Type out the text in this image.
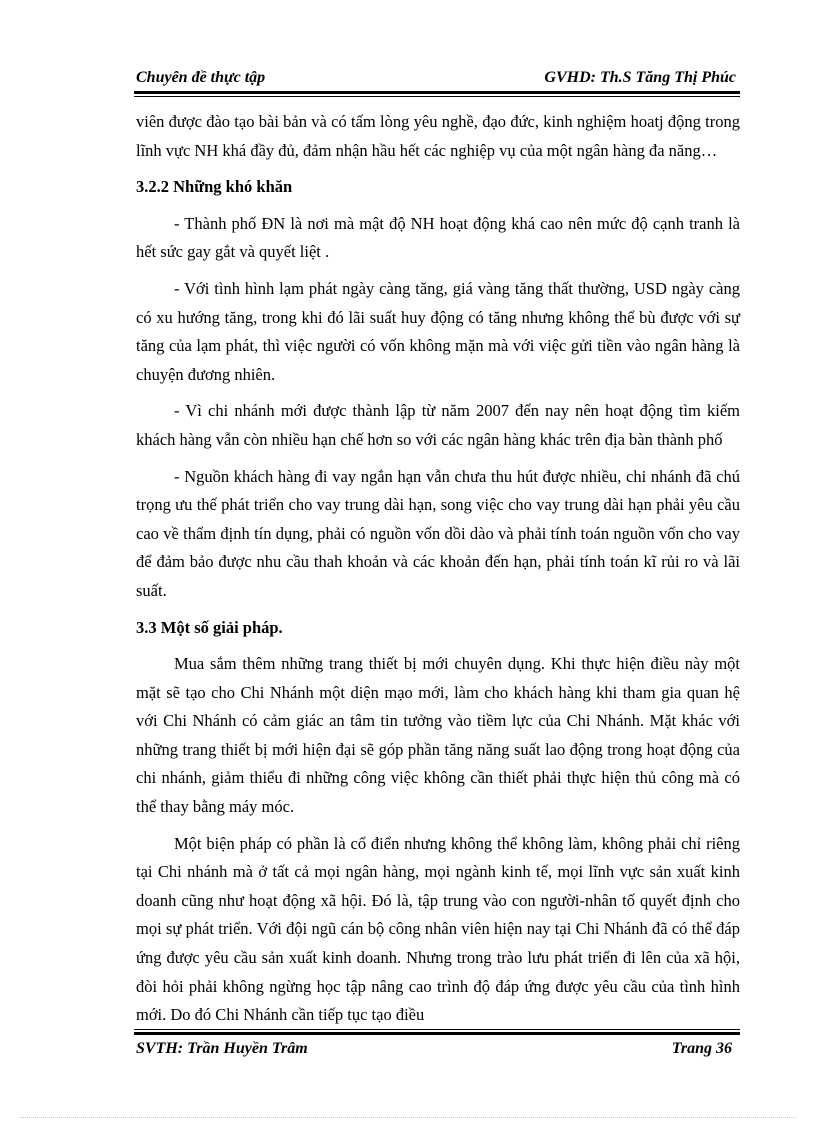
Chuyên đề thực tập	GVHD: Th.S Tăng Thị Phúc

viên được đào tạo bài bản và có tấm lòng yêu nghề, đạo đức, kinh nghiệm hoatj động trong lĩnh vực NH khá đầy đủ, đảm nhận hầu hết các nghiệp vụ của một ngân hàng đa năng…

3.2.2 Những khó khăn

- Thành phố ĐN là nơi mà mật độ NH hoạt động khá cao nên mức độ cạnh tranh là hết sức gay gắt và quyết liệt .

- Với tình hình lạm phát ngày càng tăng, giá vàng tăng thất thường, USD ngày càng có xu hướng tăng, trong khi đó lãi suất huy động có tăng nhưng không thể bù được với sự tăng của lạm phát, thì việc người có vốn không mặn mà với việc gửi tiền vào ngân hàng là chuyện đương nhiên.

- Vì chi nhánh mới được thành lập từ năm 2007 đến nay nên hoạt động tìm kiếm khách hàng vẫn còn nhiều hạn chế hơn so với các ngân hàng khác trên địa bàn thành phố

- Nguồn khách hàng đi vay ngắn hạn vẫn chưa thu hút được nhiều, chi nhánh đã chú trọng ưu thế phát triển cho vay trung dài hạn, song việc cho vay trung dài hạn phải yêu cầu cao về thẩm định tín dụng, phải có nguồn vốn dồi dào và phải tính toán nguồn vốn cho vay để đảm bảo được nhu cầu thah khoản và các khoản đến hạn, phải tính toán kĩ rủi ro và lãi suất.

3.3 Một số giải pháp.

Mua sắm thêm những trang thiết bị mới chuyên dụng. Khi thực hiện điều này một mặt sẽ tạo cho Chi Nhánh một diện mạo mới, làm cho khách hàng khi tham gia quan hệ với Chi Nhánh có cảm giác an tâm tin tưởng vào tiềm lực của Chi Nhánh. Mặt khác với những trang thiết bị mới hiện đại sẽ góp phần tăng năng suất lao động trong hoạt động của chi nhánh, giảm thiểu đi những công việc không cần thiết phải thực hiện thủ công mà có thể thay bằng máy móc.

Một biện pháp có phần là cổ điển nhưng không thể không làm, không phải chỉ riêng tại Chi nhánh mà ở tất cả mọi ngân hàng, mọi ngành kinh tế, mọi lĩnh vực sản xuất kinh doanh cũng như hoạt động xã hội. Đó là, tập trung vào con người-nhân tố quyết định cho mọi sự phát triển. Với đội ngũ cán bộ công nhân viên hiện nay tại Chi Nhánh đã có thể đáp ứng được yêu cầu sản xuất kinh doanh. Nhưng trong trào lưu phát triển đi lên của xã hội, đòi hỏi phải không ngừng học tập nâng cao trình độ đáp ứng được yêu cầu của tình hình mới. Do đó Chi Nhánh cần tiếp tục tạo điều

SVTH: Trần Huyền Trâm	Trang 36
